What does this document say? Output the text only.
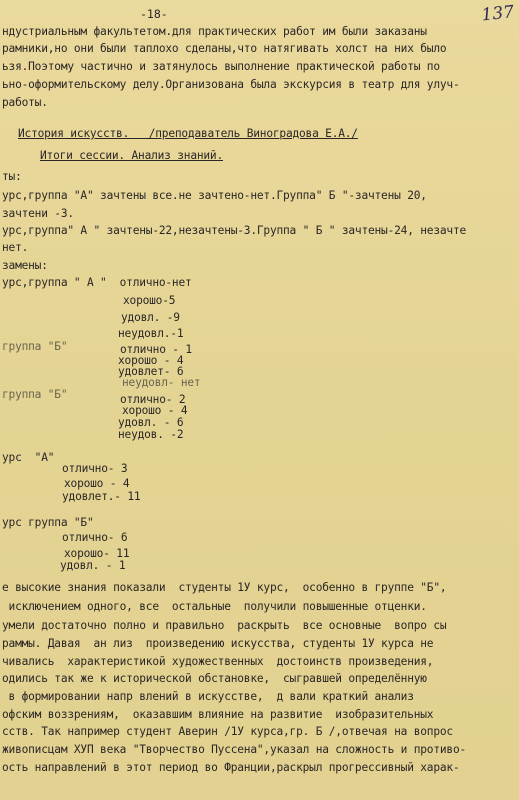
-18-	137
ндустриальным факультетом.для практических работ им были заказаны
рамники,но они были таплохо сделаны,что натягивать холст на них было
ьзя.Поэтому частично и затянулось выполнение практической работы по
ьно-оформительскому делу.Организована была экскурсия в театр для улуч-
работы.
История искусств.   /преподаватель Виноградова Е.А./
Итоги сессии. Анализ знаний.
ты:
урс,группа "А" зачтены все.не зачтено-нет.Группа" Б "-зачтены 20,
зачтени -3.
урс,группа" А " зачтены-22,незачтены-3.Группа " Б " зачтены-24, незачте
нет.
замены:
урс,группа " А "  отлично-нет
хорошо-5
удовл. -9
неудовл.-1
группа "Б"	отлично - 1
хорошо - 4
удовлет- 6
неудовл- нет
группа "Б"	отлично- 2
хорошо - 4
удовл. - 6
неудов. -2
урс  "А"
отлично- 3
хорошо - 4
удовлет.- 11
урс группа "Б"
отлично- 6
хорошо- 11
удовл. - 1
е высокие знания показали  студенты 1У курс,  особенно в группе "Б",
исключением одного, все  остальные  получили повышенные отценки.
умели достаточно полно и правильно  раскрыть  все основные  вопро сы
раммы. Давая  ан лиз  произведению искусства, студенты 1У курса не
чивались  характеристикой художественных  достоинств произведения,
одились так же к исторической обстановке,  сыгравшей определённую
в формировании напр влений в искусстве,  д вали краткий анализ
офским воззрениям,  оказавшим влияние на развитие  изобразительных
сств. Так например студент Аверин /1У курса,гр. Б /,отвечая на вопрос
живописцам ХУП века "Творчество Пуссена",указал на сложность и противо-
ость направлений в этот период во Франции,раскрыл прогрессивный харак-
